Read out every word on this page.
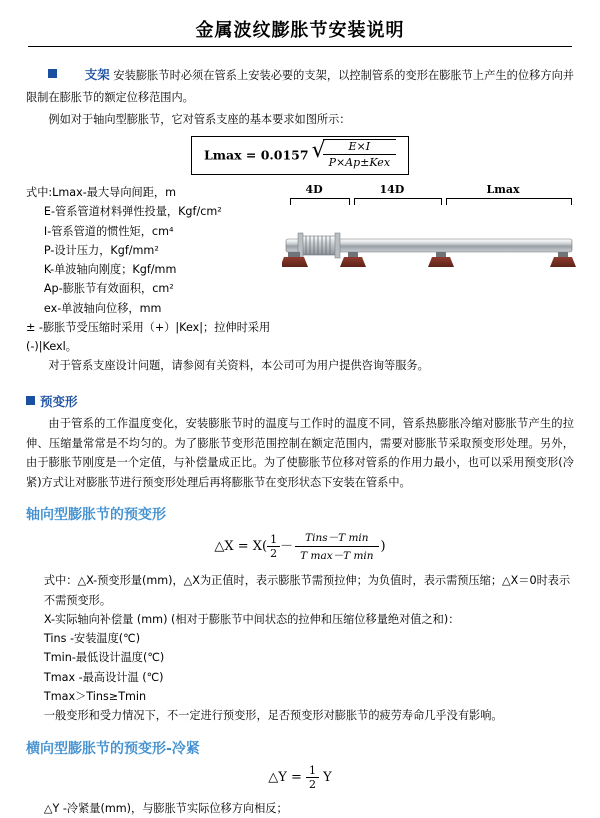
金属波纹膨胀节安装说明

支架 安装膨胀节时必须在管系上安装必要的支架，以控制管系的变形在膨胀节上产生的位移方向并限制在膨胀节的额定位移范围内。

例如对于轴向型膨胀节，它对管系支座的基本要求如图所示：

Lmax = 0.0157 √ $\frac{E\times I}{\text{P×Ap±Kex}}$
式中:Lmax-最大导向间距，m
E-管系管道材料弹性投量，Kgf/cm²
I-管系管道的惯性矩，cm⁴
P-设计压力，Kgf/mm²
K-单波轴向刚度；Kgf/mm
Ap-膨胀节有效面积，cm²
ex-单波轴向位移，mm
± -膨胀节受压缩时采用（+）|Kex|；拉伸时采用(-)|Kexl。
4D	14D	Lmax

对于管系支座设计问题，请参阅有关资料，本公司可为用户提供咨询等服务。

预变形

由于管系的工作温度变化，安装膨胀节时的温度与工作时的温度不同，管系热膨胀冷缩对膨胀节产生的拉伸、压缩量常常是不均匀的。为了膨胀节变形范围控制在额定范围内，需要对膨胀节采取预变形处理。另外，由于膨胀节刚度是一个定值，与补偿量成正比。为了使膨胀节位移对管系的作用力最小，也可以采用预变形(冷紧)方式让对膨胀节进行预变形处理后再将膨胀节在变形状态下安装在管系中。

轴向型膨胀节的预变形
△X = $X( \frac{1}{2}$ －
Tins－T min
T max－T min
)
式中：△X-预变形量(mm)，△X为正值时，表示膨胀节需预拉伸；为负值时，表示需预压缩；△X＝0时表示不需预变形。
X-实际轴向补偿量 (mm) (相对于膨胀节中间状态的拉伸和压缩位移量绝对值之和)：
Tins -安装温度(℃)
Tmin-最低设计温度(℃)
Tmax -最高设计温 (℃)
Tmax＞Tins≥Tmin
一般变形和受力情况下，不一定进行预变形，足否预变形对膨胀节的疲劳寿命几乎没有影响。
横向型膨胀节的预变形-冷紧
△Y = $\frac{1}{2}$ Y
△Y -冷紧量(mm)，与膨胀节实际位移方向相反；
